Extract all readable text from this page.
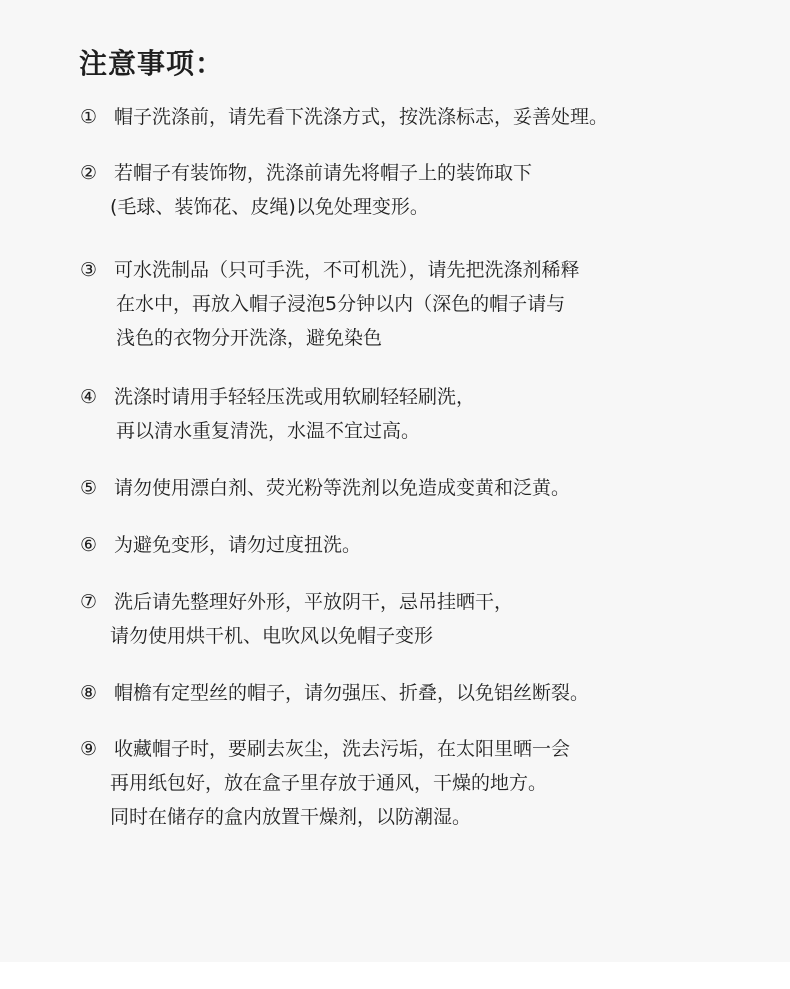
注意事项：
① 帽子洗涤前，请先看下洗涤方式，按洗涤标志，妥善处理。
② 若帽子有装饰物，洗涤前请先将帽子上的装饰取下
(毛球、装饰花、皮绳)以免处理变形。
③ 可水洗制品（只可手洗，不可机洗），请先把洗涤剂稀释
在水中，再放入帽子浸泡5分钟以内（深色的帽子请与
浅色的衣物分开洗涤，避免染色
④ 洗涤时请用手轻轻压洗或用软刷轻轻刷洗，
再以清水重复清洗，水温不宜过高。
⑤ 请勿使用漂白剂、荧光粉等洗剂以免造成变黄和泛黄。
⑥ 为避免变形，请勿过度扭洗。
⑦ 洗后请先整理好外形，平放阴干，忌吊挂晒干，
请勿使用烘干机、电吹风以免帽子变形
⑧ 帽檐有定型丝的帽子，请勿强压、折叠，以免铝丝断裂。
⑨ 收藏帽子时，要刷去灰尘，洗去污垢，在太阳里晒一会
再用纸包好，放在盒子里存放于通风，干燥的地方。
同时在储存的盒内放置干燥剂，以防潮湿。
